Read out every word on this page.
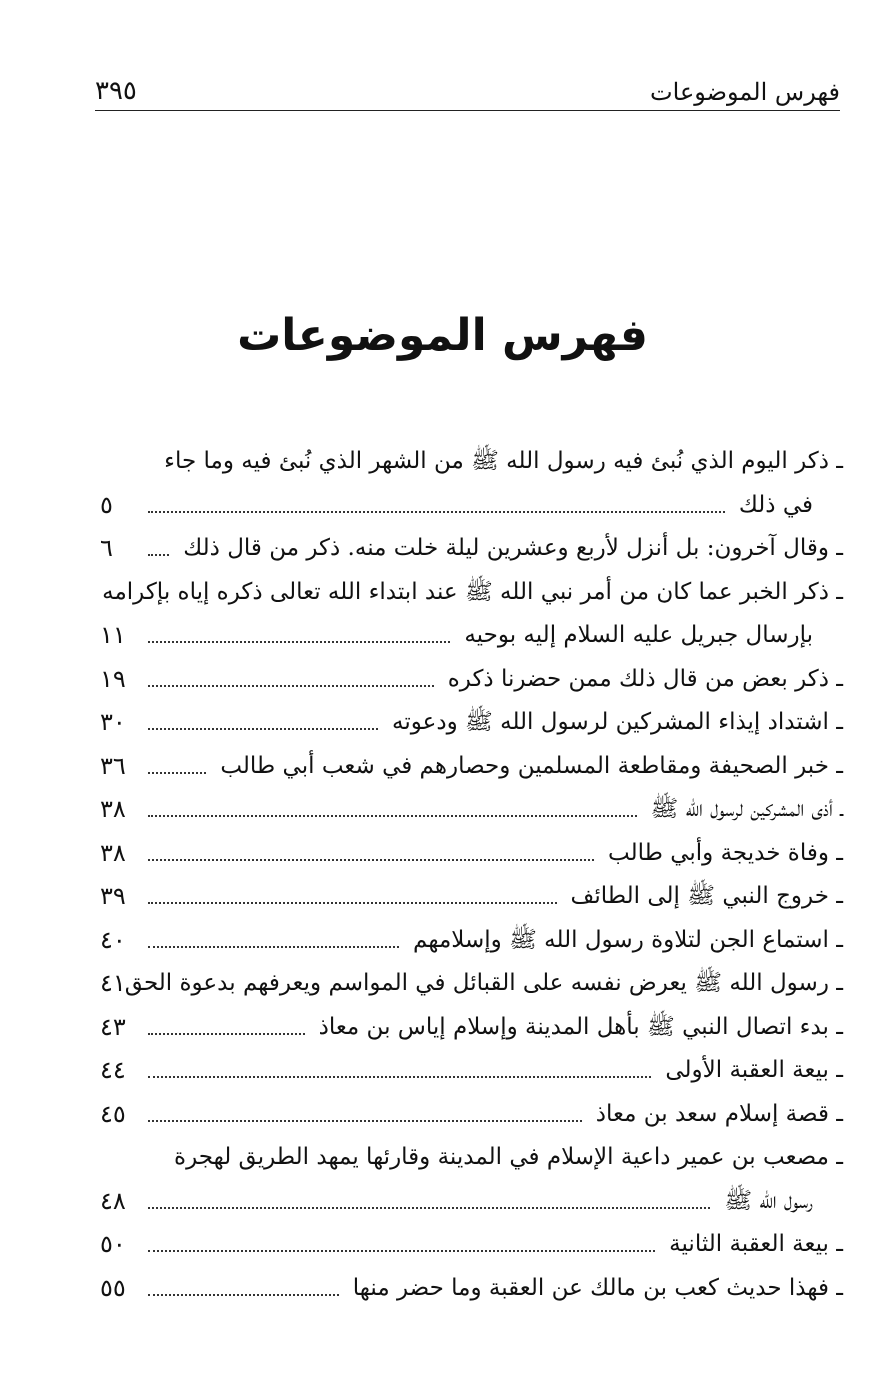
فهرس الموضوعات
٣٩٥
فهرس الموضوعات
ـ ذكر اليوم الذي نُبئ فيه رسول الله ﷺ من الشهر الذي نُبئ فيه وما جاء
في ذلك
٥
ـ وقال آخرون: بل أنزل لأربع وعشرين ليلة خلت منه. ذكر من قال ذلك
٦
ـ ذكر الخبر عما كان من أمر نبي الله ﷺ عند ابتداء الله تعالى ذكره إياه بإكرامه
بإرسال جبريل عليه السلام إليه بوحيه
١١
ـ ذكر بعض من قال ذلك ممن حضرنا ذكره
١٩
ـ اشتداد إيذاء المشركين لرسول الله ﷺ ودعوته
٣٠
ـ خبر الصحيفة ومقاطعة المسلمين وحصارهم في شعب أبي طالب
٣٦
ـ أذى المشركين لرسول الله ﷺ
٣٨
ـ وفاة خديجة وأبي طالب
٣٨
ـ خروج النبي ﷺ إلى الطائف
٣٩
ـ استماع الجن لتلاوة رسول الله ﷺ وإسلامهم
٤٠
ـ رسول الله ﷺ يعرض نفسه على القبائل في المواسم ويعرفهم بدعوة الحق
٤١
ـ بدء اتصال النبي ﷺ بأهل المدينة وإسلام إياس بن معاذ
٤٣
ـ بيعة العقبة الأولى
٤٤
ـ قصة إسلام سعد بن معاذ
٤٥
ـ مصعب بن عمير داعية الإسلام في المدينة وقارئها يمهد الطريق لهجرة
رسول الله ﷺ
٤٨
ـ بيعة العقبة الثانية
٥٠
ـ فهذا حديث كعب بن مالك عن العقبة وما حضر منها
٥٥
